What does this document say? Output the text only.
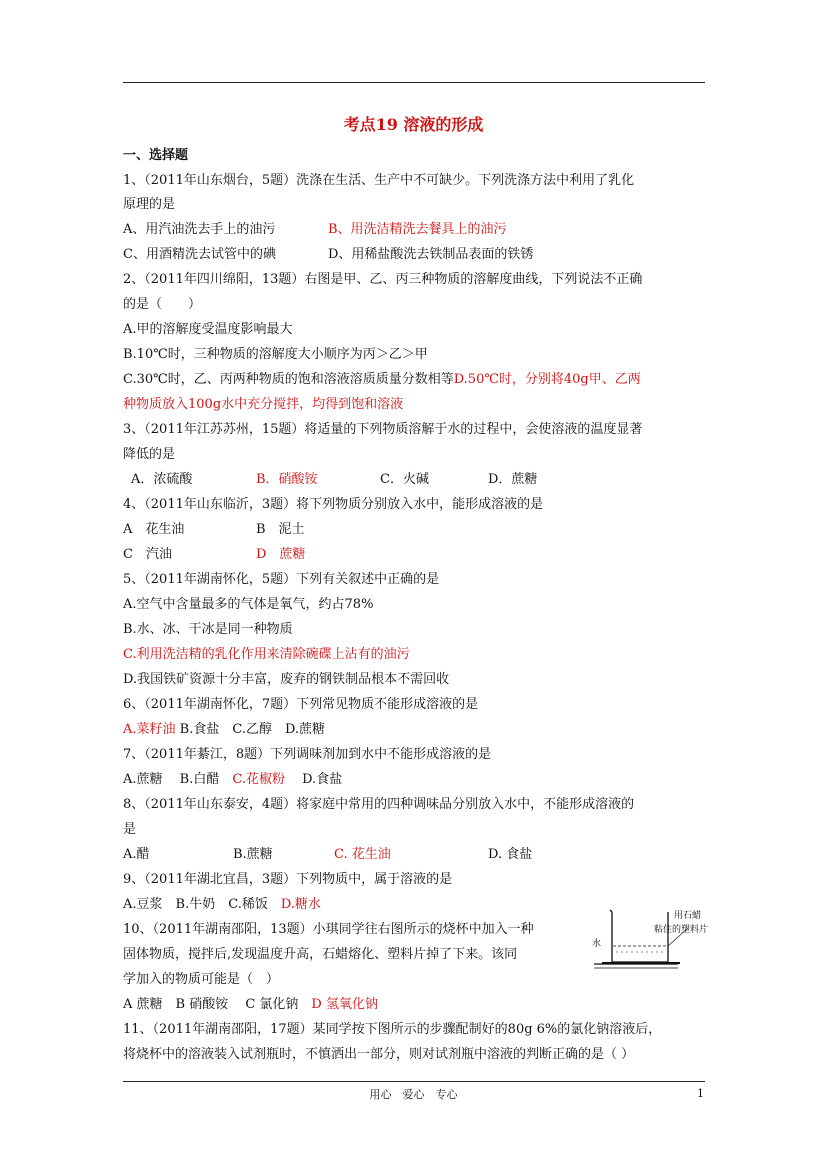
考点19 溶液的形成
一、选择题
1、（2011年山东烟台，5题）洗涤在生活、生产中不可缺少。下列洗涤方法中利用了乳化
原理的是
A、用汽油洗去手上的油污	B、用洗洁精洗去餐具上的油污
C、用酒精洗去试管中的碘	D、用稀盐酸洗去铁制品表面的铁锈
2、（2011年四川绵阳，13题）右图是甲、乙、丙三种物质的溶解度曲线，下列说法不正确
的是（　　）
A.甲的溶解度受温度影响最大
B.10℃时，三种物质的溶解度大小顺序为丙＞乙＞甲
C.30℃时，乙、丙两种物质的饱和溶液溶质质量分数相等D.50℃时，分别将40g甲、乙两
种物质放入100g水中充分搅拌，均得到饱和溶液
3、（2011年江苏苏州，15题）将适量的下列物质溶解于水的过程中，会使溶液的温度显著
降低的是
A．浓硫酸	B．硝酸铵	C．火碱	D．蔗糖
4、（2011年山东临沂，3题）将下列物质分别放入水中，能形成溶液的是
A　花生油	B　泥土
C　汽油	D　蔗糖
5、（2011年湖南怀化，5题）下列有关叙述中正确的是
A.空气中含量最多的气体是氧气，约占78%
B.水、冰、干冰是同一种物质
C.利用洗洁精的乳化作用来清除碗碟上沾有的油污
D.我国铁矿资源十分丰富，废弃的钢铁制品根本不需回收
6、（2011年湖南怀化，7题）下列常见物质不能形成溶液的是
A.菜籽油 B.食盐　C.乙醇　D.蔗糖
7、（2011年綦江，8题）下列调味剂加到水中不能形成溶液的是
A.蔗糖　 B.白醋　C.花椒粉　 D.食盐
8、（2011年山东泰安，4题）将家庭中常用的四种调味品分别放入水中，不能形成溶液的
是
A.醋	B.蔗糖	C. 花生油	D. 食盐
9、（2011年湖北宜昌，3题）下列物质中，属于溶液的是
A.豆浆　B.牛奶　C.稀饭　D.糖水
10、（2011年湖南邵阳，13题）小琪同学往右图所示的烧杯中加入一种
固体物质，搅拌后,发现温度升高，石蜡熔化、塑料片掉了下来。该同
学加入的物质可能是（　）
A 蔗糖　B 硝酸铵　 C 氯化钠　D 氢氧化钠
水
用石蜡
粘住的塑料片
11、（2011年湖南邵阳，17题）某同学按下图所示的步骤配制好的80g 6%的氯化钠溶液后，
将烧杯中的溶液装入试剂瓶时，不慎洒出一部分，则对试剂瓶中溶液的判断正确的是（ ）
用心　爱心　专心	1
